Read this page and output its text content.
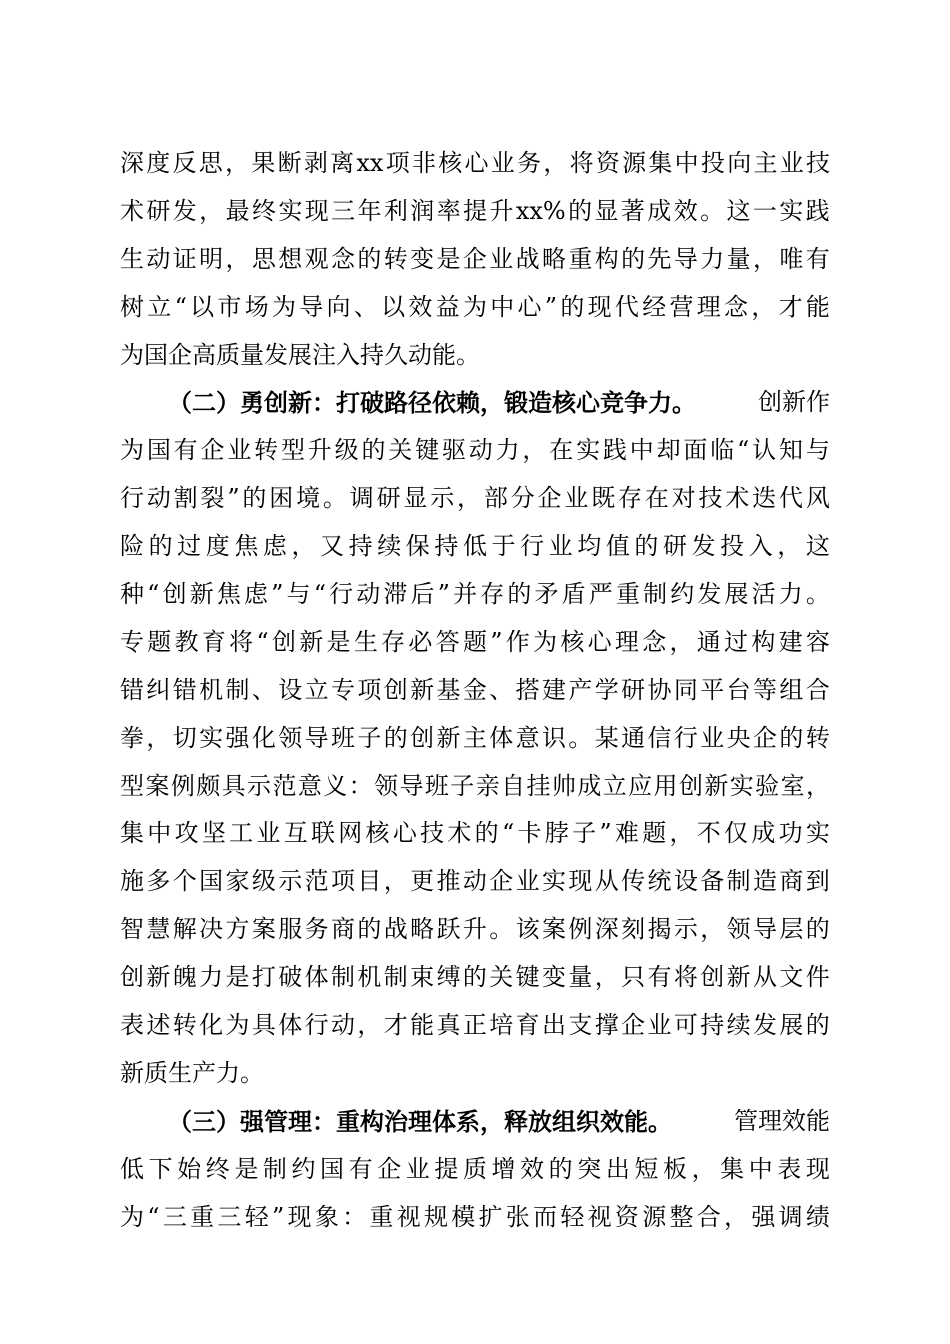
深 度 反 思 ， 果 断 剥 离 xx 项 非 核 心 业 务 ， 将 资 源 集 中 投 向 主 业 技
术 研 发 ， 最 终 实 现 三 年 利 润 率 提 升 xx% 的 显 著 成 效 。 这 一 实 践
生 动 证 明 ， 思 想 观 念 的 转 变 是 企 业 战 略 重 构 的 先 导 力 量 ， 唯 有
树 立 “ 以 市 场 为 导 向 、 以 效 益 为 中 心 ” 的 现 代 经 营 理 念 ， 才 能
为国企高质量发展注入持久动能。
（二）勇创新：打破路径依赖，锻造核心竞争力。	创新作
为 国 有 企 业 转 型 升 级 的 关 键 驱 动 力 ， 在 实 践 中 却 面 临 “ 认 知 与
行 动 割 裂 ” 的 困 境 。 调 研 显 示 ， 部 分 企 业 既 存 在 对 技 术 迭 代 风
险 的 过 度 焦 虑 ， 又 持 续 保 持 低 于 行 业 均 值 的 研 发 投 入 ， 这
种 “ 创 新 焦 虑 ” 与 “ 行 动 滞 后 ” 并 存 的 矛 盾 严 重 制 约 发 展 活 力 。
专 题 教 育 将 “ 创 新 是 生 存 必 答 题 ” 作 为 核 心 理 念 ， 通 过 构 建 容
错 纠 错 机 制 、 设 立 专 项 创 新 基 金 、 搭 建 产 学 研 协 同 平 台 等 组 合
拳 ， 切 实 强 化 领 导 班 子 的 创 新 主 体 意 识 。 某 通 信 行 业 央 企 的 转
型 案 例 颇 具 示 范 意 义 ： 领 导 班 子 亲 自 挂 帅 成 立 应 用 创 新 实 验 室 ，
集 中 攻 坚 工 业 互 联 网 核 心 技 术 的 “ 卡 脖 子 ” 难 题 ， 不 仅 成 功 实
施 多 个 国 家 级 示 范 项 目 ， 更 推 动 企 业 实 现 从 传 统 设 备 制 造 商 到
智 慧 解 决 方 案 服 务 商 的 战 略 跃 升 。 该 案 例 深 刻 揭 示 ， 领 导 层 的
创 新 魄 力 是 打 破 体 制 机 制 束 缚 的 关 键 变 量 ， 只 有 将 创 新 从 文 件
表 述 转 化 为 具 体 行 动 ， 才 能 真 正 培 育 出 支 撑 企 业 可 持 续 发 展 的
新质生产力。
（三）强管理：重构治理体系，释放组织效能。	管理效能
低 下 始 终 是 制 约 国 有 企 业 提 质 增 效 的 突 出 短 板 ， 集 中 表 现
为 “ 三 重 三 轻 ” 现 象 ： 重 视 规 模 扩 张 而 轻 视 资 源 整 合 ， 强 调 绩
